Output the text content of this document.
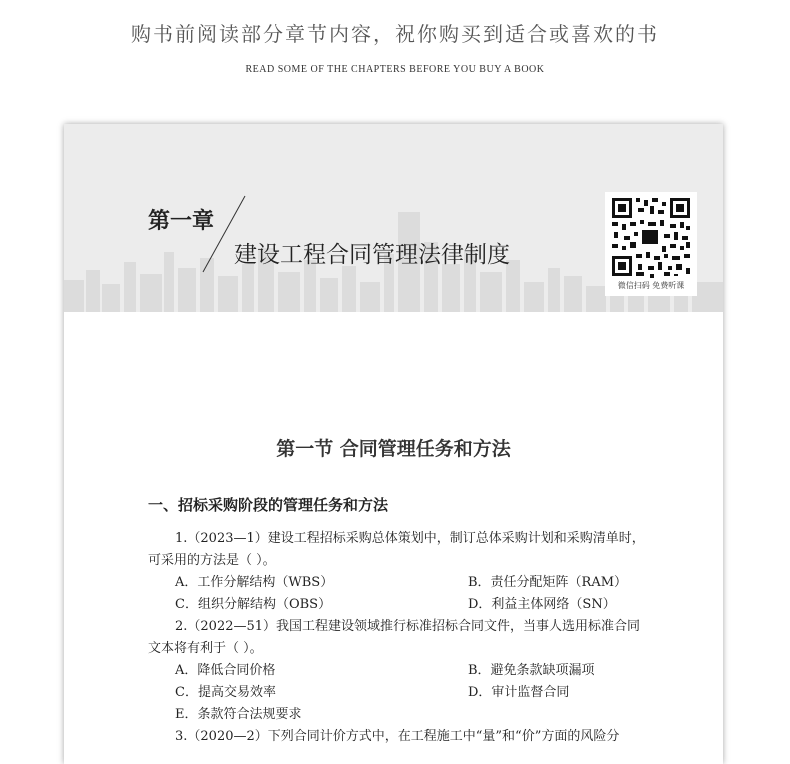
购书前阅读部分章节内容，祝你购买到适合或喜欢的书
READ SOME OF THE CHAPTERS BEFORE YOU BUY A BOOK
第一章
建设工程合同管理法律制度
微信扫码 免费听课
第一节 合同管理任务和方法
一、招标采购阶段的管理任务和方法
1.（2023—1）建设工程招标采购总体策划中，制订总体采购计划和采购清单时，
可采用的方法是（ ）。
A．工作分解结构（WBS）	B．责任分配矩阵（RAM）
C．组织分解结构（OBS）	D．利益主体网络（SN）
2.（2022—51）我国工程建设领域推行标准招标合同文件，当事人选用标准合同
文本将有利于（ ）。
A．降低合同价格	B．避免条款缺项漏项
C．提高交易效率	D．审计监督合同
E．条款符合法规要求
3.（2020—2）下列合同计价方式中，在工程施工中“量”和“价”方面的风险分
